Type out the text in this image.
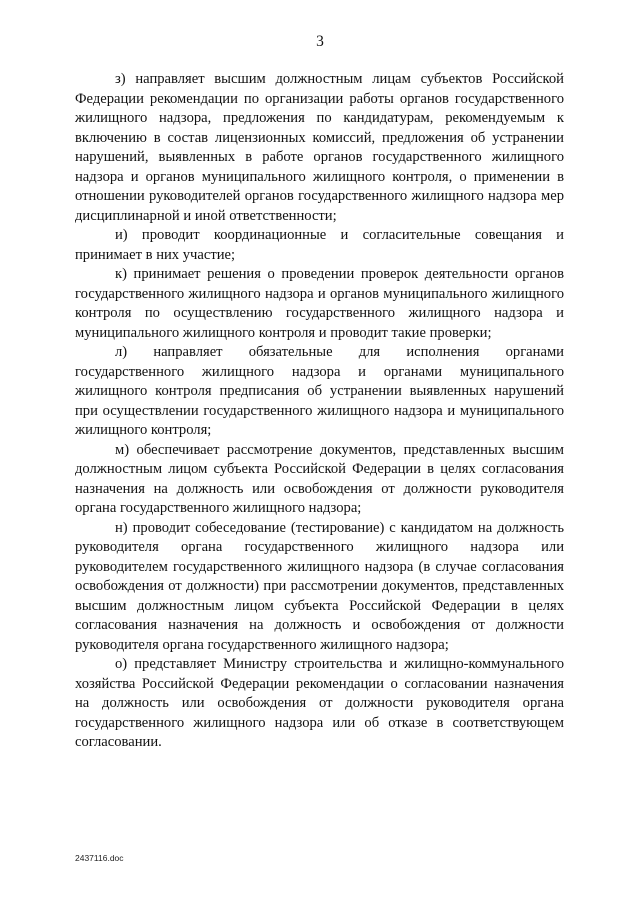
3

з) направляет высшим должностным лицам субъектов Российской Федерации рекомендации по организации работы органов государственного жилищного надзора, предложения по кандидатурам, рекомендуемым к включению в состав лицензионных комиссий, предложения об устранении нарушений, выявленных в работе органов государственного жилищного надзора и органов муниципального жилищного контроля, о применении в отношении руководителей органов государственного жилищного надзора мер дисциплинарной и иной ответственности;

и) проводит координационные и согласительные совещания и принимает в них участие;

к) принимает решения о проведении проверок деятельности органов государственного жилищного надзора и органов муниципального жилищного контроля по осуществлению государственного жилищного надзора и муниципального жилищного контроля и проводит такие проверки;

л) направляет обязательные для исполнения органами государственного жилищного надзора и органами муниципального жилищного контроля предписания об устранении выявленных нарушений при осуществлении государственного жилищного надзора и муниципального жилищного контроля;

м) обеспечивает рассмотрение документов, представленных высшим должностным лицом субъекта Российской Федерации в целях согласования назначения на должность или освобождения от должности руководителя органа государственного жилищного надзора;

н) проводит собеседование (тестирование) с кандидатом на должность руководителя органа государственного жилищного надзора или руководителем государственного жилищного надзора (в случае согласования освобождения от должности) при рассмотрении документов, представленных высшим должностным лицом субъекта Российской Федерации в целях согласования назначения на должность и освобождения от должности руководителя органа государственного жилищного надзора;

о) представляет Министру строительства и жилищно-коммунального хозяйства Российской Федерации рекомендации о согласовании назначения на должность или освобождения от должности руководителя органа государственного жилищного надзора или об отказе в соответствующем согласовании.

2437116.doc
